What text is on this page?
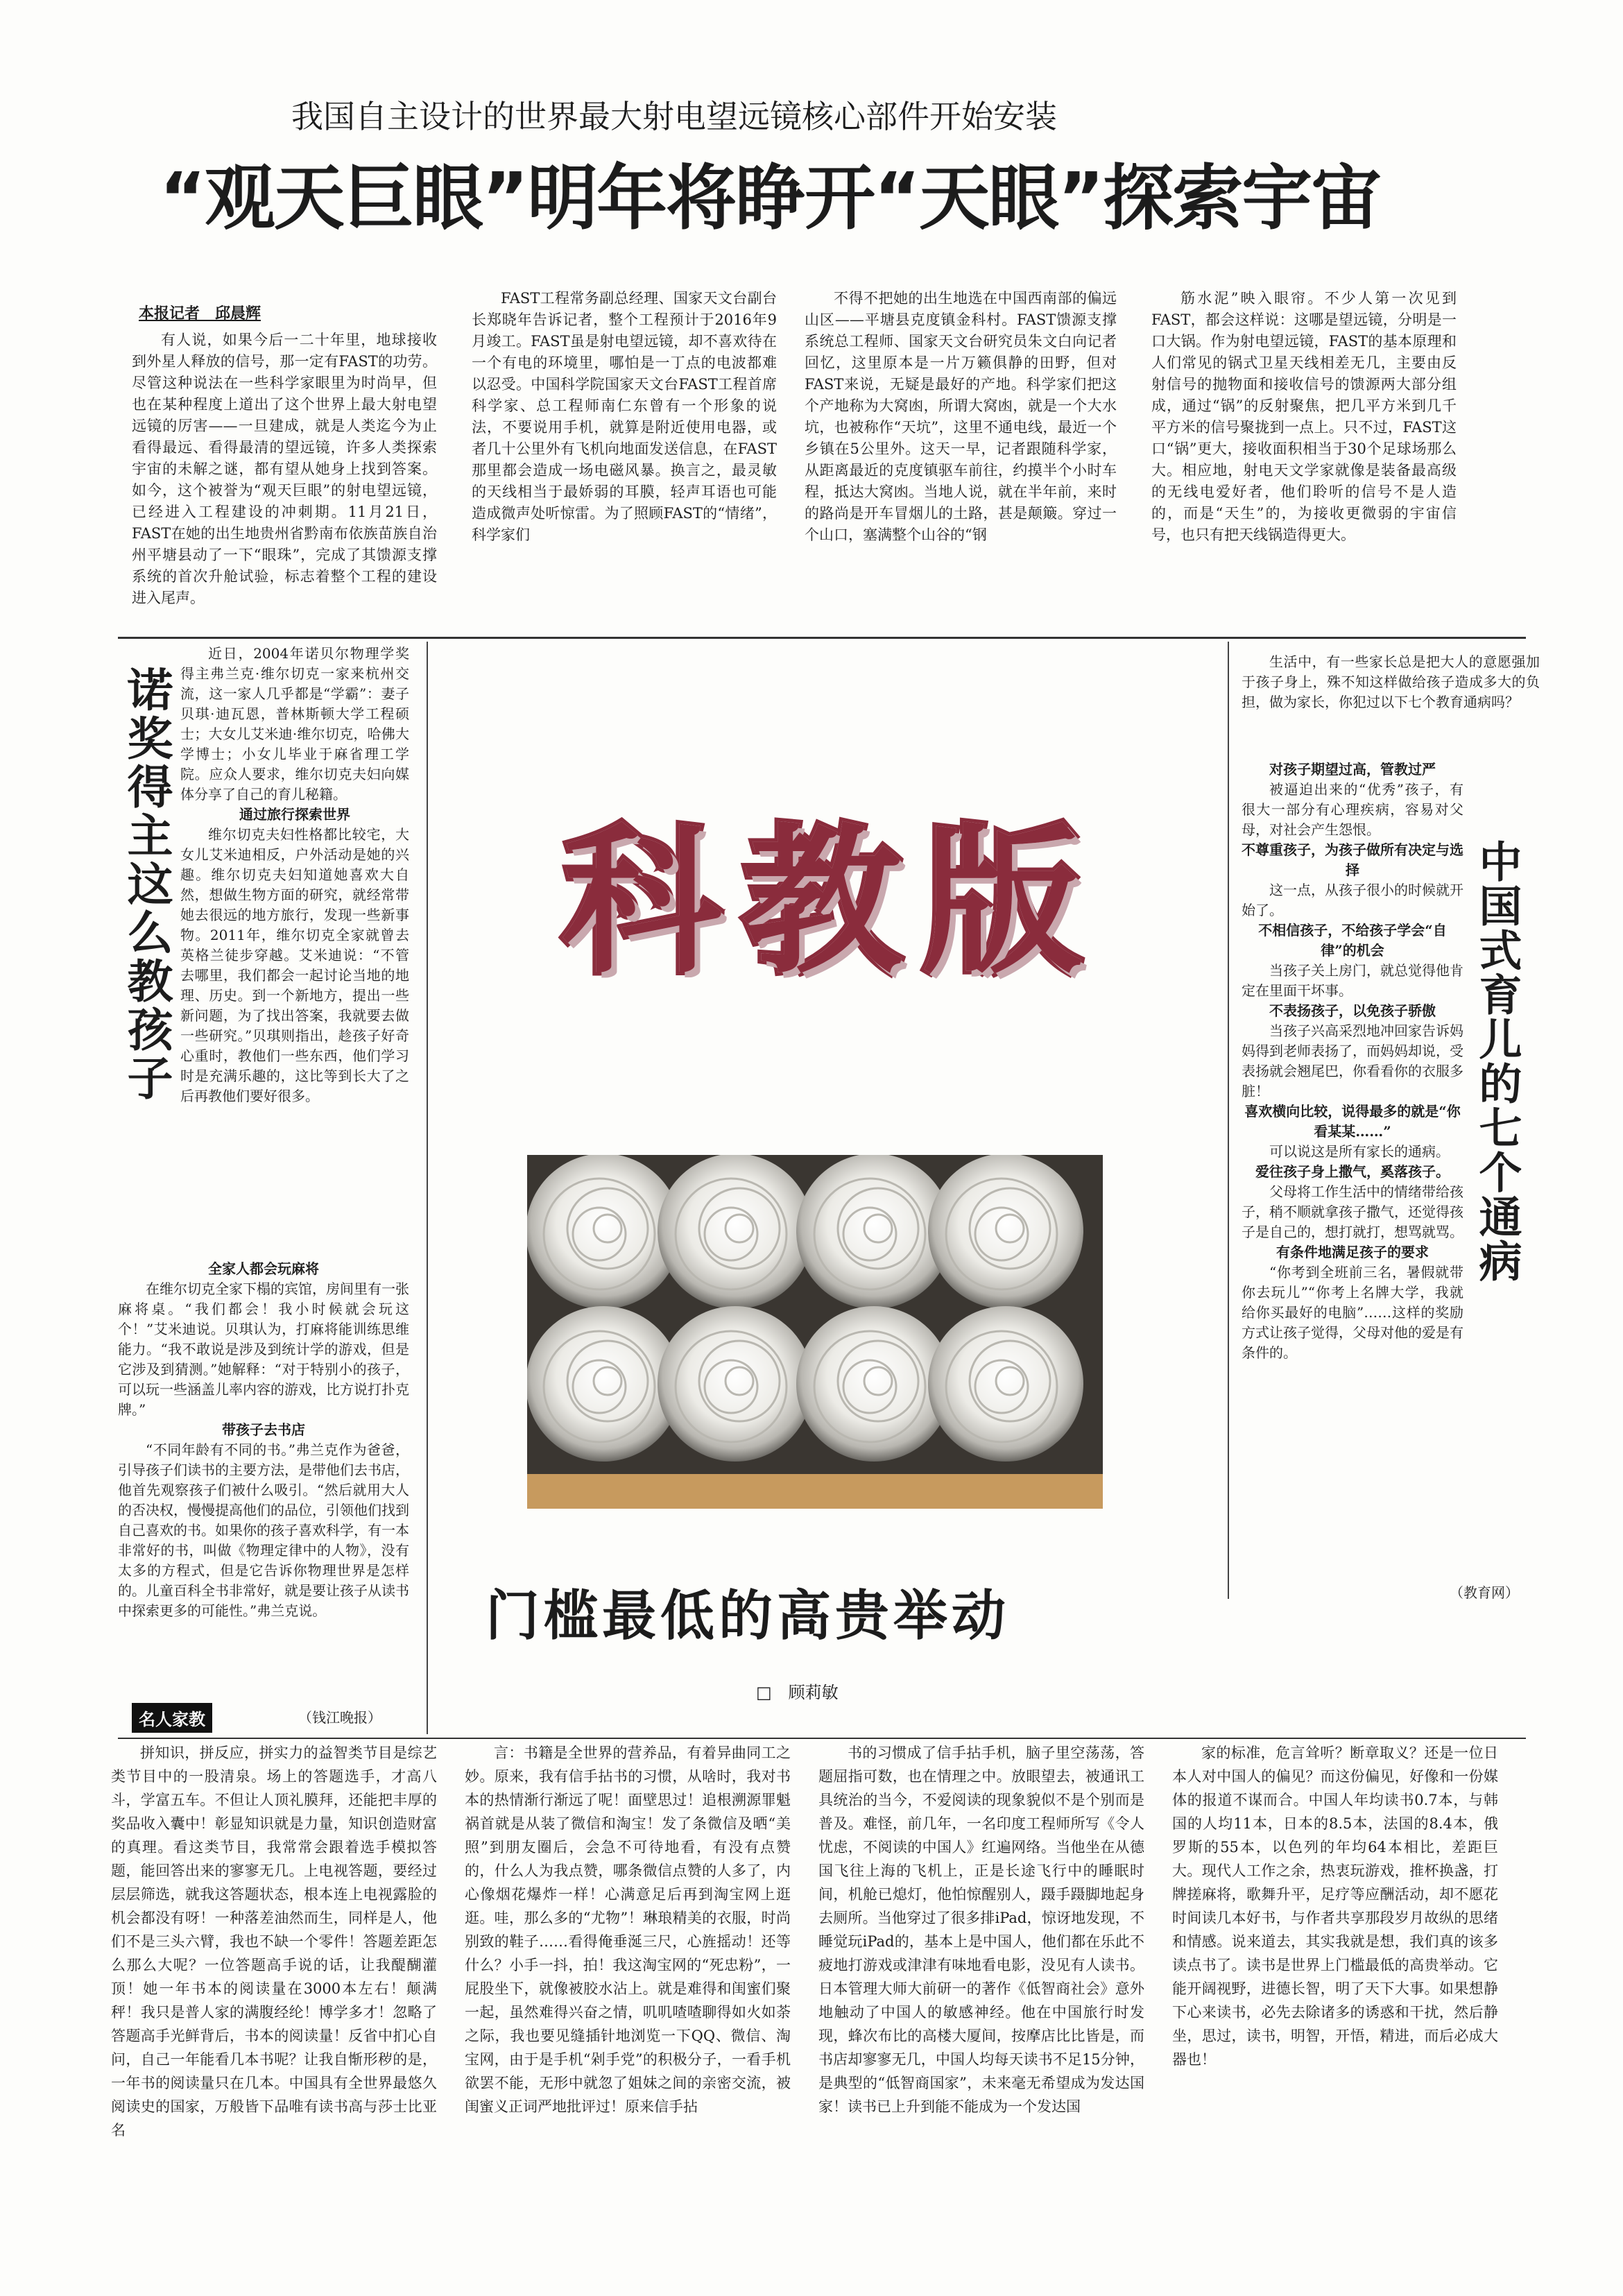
我国自主设计的世界最大射电望远镜核心部件开始安装
“观天巨眼”明年将睁开“天眼”探索宇宙
本报记者　邱晨辉

有人说，如果今后一二十年里，地球接收到外星人释放的信号，那一定有FAST的功劳。尽管这种说法在一些科学家眼里为时尚早，但也在某种程度上道出了这个世界上最大射电望远镜的厉害——一旦建成，就是人类迄今为止看得最远、看得最清的望远镜，许多人类探索宇宙的未解之谜，都有望从她身上找到答案。如今，这个被誉为“观天巨眼”的射电望远镜，已经进入工程建设的冲刺期。11月21日，FAST在她的出生地贵州省黔南布依族苗族自治州平塘县动了一下“眼珠”，完成了其馈源支撑系统的首次升舱试验，标志着整个工程的建设进入尾声。

FAST工程常务副总经理、国家天文台副台长郑晓年告诉记者，整个工程预计于2016年9月竣工。FAST虽是射电望远镜，却不喜欢待在一个有电的环境里，哪怕是一丁点的电波都难以忍受。中国科学院国家天文台FAST工程首席科学家、总工程师南仁东曾有一个形象的说法，不要说用手机，就算是附近使用电器，或者几十公里外有飞机向地面发送信息，在FAST那里都会造成一场电磁风暴。换言之，最灵敏的天线相当于最娇弱的耳膜，轻声耳语也可能造成微声处听惊雷。为了照顾FAST的“情绪”，科学家们

不得不把她的出生地选在中国西南部的偏远山区——平塘县克度镇金科村。FAST馈源支撑系统总工程师、国家天文台研究员朱文白向记者回忆，这里原本是一片万籁俱静的田野，但对FAST来说，无疑是最好的产地。科学家们把这个产地称为大窝凼，所谓大窝凼，就是一个大水坑，也被称作“天坑”，这里不通电线，最近一个乡镇在5公里外。这天一早，记者跟随科学家，从距离最近的克度镇驱车前往，约摸半个小时车程，抵达大窝凼。当地人说，就在半年前，来时的路尚是开车冒烟儿的土路，甚是颠簸。穿过一个山口，塞满整个山谷的“钢

筋水泥”映入眼帘。不少人第一次见到FAST，都会这样说：这哪是望远镜，分明是一口大锅。作为射电望远镜，FAST的基本原理和人们常见的锅式卫星天线相差无几，主要由反射信号的抛物面和接收信号的馈源两大部分组成，通过“锅”的反射聚焦，把几平方米到几千平方米的信号聚拢到一点上。只不过，FAST这口“锅”更大，接收面积相当于30个足球场那么大。相应地，射电天文学家就像是装备最高级的无线电爱好者，他们聆听的信号不是人造的，而是“天生”的，为接收更微弱的宇宙信号，也只有把天线锅造得更大。

诺奖得主这么教孩子

近日，2004年诺贝尔物理学奖得主弗兰克·维尔切克一家来杭州交流，这一家人几乎都是“学霸”：妻子贝琪·迪瓦恩，普林斯顿大学工程硕士；大女儿艾米迪·维尔切克，哈佛大学博士；小女儿毕业于麻省理工学院。应众人要求，维尔切克夫妇向媒体分享了自己的育儿秘籍。

通过旅行探索世界

维尔切克夫妇性格都比较宅，大女儿艾米迪相反，户外活动是她的兴趣。维尔切克夫妇知道她喜欢大自然，想做生物方面的研究，就经常带她去很远的地方旅行，发现一些新事物。2011年，维尔切克全家就曾去英格兰徒步穿越。艾米迪说：“不管去哪里，我们都会一起讨论当地的地理、历史。到一个新地方，提出一些新问题，为了找出答案，我就要去做一些研究。”贝琪则指出，趁孩子好奇心重时，教他们一些东西，他们学习时是充满乐趣的，这比等到长大了之后再教他们要好很多。

全家人都会玩麻将

在维尔切克全家下榻的宾馆，房间里有一张麻将桌。“我们都会！我小时候就会玩这个！”艾米迪说。贝琪认为，打麻将能训练思维能力。“我不敢说是涉及到统计学的游戏，但是它涉及到猜测。”她解释：“对于特别小的孩子，可以玩一些涵盖儿率内容的游戏，比方说打扑克牌。”

带孩子去书店

“不同年龄有不同的书。”弗兰克作为爸爸，引导孩子们读书的主要方法，是带他们去书店，他首先观察孩子们被什么吸引。“然后就用大人的否决权，慢慢提高他们的品位，引领他们找到自己喜欢的书。如果你的孩子喜欢科学，有一本非常好的书，叫做《物理定律中的人物》，没有太多的方程式，但是它告诉你物理世界是怎样的。儿童百科全书非常好，就是要让孩子从读书中探索更多的可能性。”弗兰克说。

名人家教	（钱江晚报）
科教版

生活中，有一些家长总是把大人的意愿强加于孩子身上，殊不知这样做给孩子造成多大的负担，做为家长，你犯过以下七个教育通病吗？

中国式育儿的七个通病

对孩子期望过高，管教过严

被逼迫出来的“优秀”孩子，有很大一部分有心理疾病，容易对父母，对社会产生怨恨。

不尊重孩子，为孩子做所有决定与选择

这一点，从孩子很小的时候就开始了。

不相信孩子，不给孩子学会“自律”的机会

当孩子关上房门，就总觉得他肯定在里面干坏事。

不表扬孩子，以免孩子骄傲

当孩子兴高采烈地冲回家告诉妈妈得到老师表扬了，而妈妈却说，受表扬就会翘尾巴，你看看你的衣服多脏！

喜欢横向比较，说得最多的就是“你看某某……”

可以说这是所有家长的通病。

爱往孩子身上撒气，奚落孩子。

父母将工作生活中的情绪带给孩子，稍不顺就拿孩子撒气，还觉得孩子是自己的，想打就打，想骂就骂。

有条件地满足孩子的要求

“你考到全班前三名，暑假就带你去玩儿”“你考上名牌大学，我就给你买最好的电脑”……这样的奖励方式让孩子觉得，父母对他的爱是有条件的。

（教育网）
门槛最低的高贵举动
□　顾莉敏

拼知识，拼反应，拼实力的益智类节目是综艺类节目中的一股清泉。场上的答题选手，才高八斗，学富五车。不但让人顶礼膜拜，还能把丰厚的奖品收入囊中！彰显知识就是力量，知识创造财富的真理。看这类节目，我常常会跟着选手模拟答题，能回答出来的寥寥无几。上电视答题，要经过层层筛选，就我这答题状态，根本连上电视露脸的机会都没有呀！一种落差油然而生，同样是人，他们不是三头六臂，我也不缺一个零件！答题差距怎么那么大呢？一位答题高手说的话，让我醍醐灌顶！她一年书本的阅读量在3000本左右！颠满秤！我只是普人家的满腹经纶！博学多才！忽略了答题高手光鲜背后，书本的阅读量！反省中扪心自问，自己一年能看几本书呢？让我自惭形秽的是，一年书的阅读量只在几本。中国具有全世界最悠久阅读史的国家，万般皆下品唯有读书高与莎士比亚名

言：书籍是全世界的营养品，有着异曲同工之妙。原来，我有信手拈书的习惯，从啥时，我对书本的热情渐行渐远了呢！面壁思过！追根溯源罪魁祸首就是从装了微信和淘宝！发了条微信及晒“美照”到朋友圈后，会急不可待地看，有没有点赞的，什么人为我点赞，哪条微信点赞的人多了，内心像烟花爆炸一样！心满意足后再到淘宝网上逛逛。哇，那么多的“尤物”！琳琅精美的衣服，时尚别致的鞋子……看得俺垂涎三尺，心旌摇动！还等什么？小手一抖，拍！我这淘宝网的“死忠粉”，一屁股坐下，就像被胶水沾上。就是难得和闺蜜们聚一起，虽然难得兴奋之情，叽叽喳喳聊得如火如荼之际，我也要见缝插针地浏览一下QQ、微信、淘宝网，由于是手机“剁手党”的积极分子，一看手机欲罢不能，无形中就忽了姐妹之间的亲密交流，被闺蜜义正词严地批评过！原来信手拈

书的习惯成了信手拈手机，脑子里空荡荡，答题屈指可数，也在情理之中。放眼望去，被通讯工具统治的当今，不爱阅读的现象貌似不是个别而是普及。难怪，前几年，一名印度工程师所写《令人忧虑，不阅读的中国人》红遍网络。当他坐在从德国飞往上海的飞机上，正是长途飞行中的睡眠时间，机舱已熄灯，他怕惊醒别人，蹑手蹑脚地起身去厕所。当他穿过了很多排iPad，惊讶地发现，不睡觉玩iPad的，基本上是中国人，他们都在乐此不疲地打游戏或津津有味地看电影，没见有人读书。日本管理大师大前研一的著作《低智商社会》意外地触动了中国人的敏感神经。他在中国旅行时发现，蜂次布比的高楼大厦间，按摩店比比皆是，而书店却寥寥无几，中国人均每天读书不足15分钟，是典型的“低智商国家”，未来毫无希望成为发达国家！读书已上升到能不能成为一个发达国

家的标准，危言耸听？断章取义？还是一位日本人对中国人的偏见？而这份偏见，好像和一份媒体的报道不谋而合。中国人年均读书0.7本，与韩国的人均11本，日本的8.5本，法国的8.4本，俄罗斯的55本，以色列的年均64本相比，差距巨大。现代人工作之余，热衷玩游戏，推杯换盏，打牌搓麻将，歌舞升平，足疗等应酬活动，却不愿花时间读几本好书，与作者共享那段岁月故纵的思绪和情感。说来道去，其实我就是想，我们真的该多读点书了。读书是世界上门槛最低的高贵举动。它能开阔视野，进德长智，明了天下大事。如果想静下心来读书，必先去除诸多的诱惑和干扰，然后静坐，思过，读书，明智，开悟，精进，而后必成大器也！
